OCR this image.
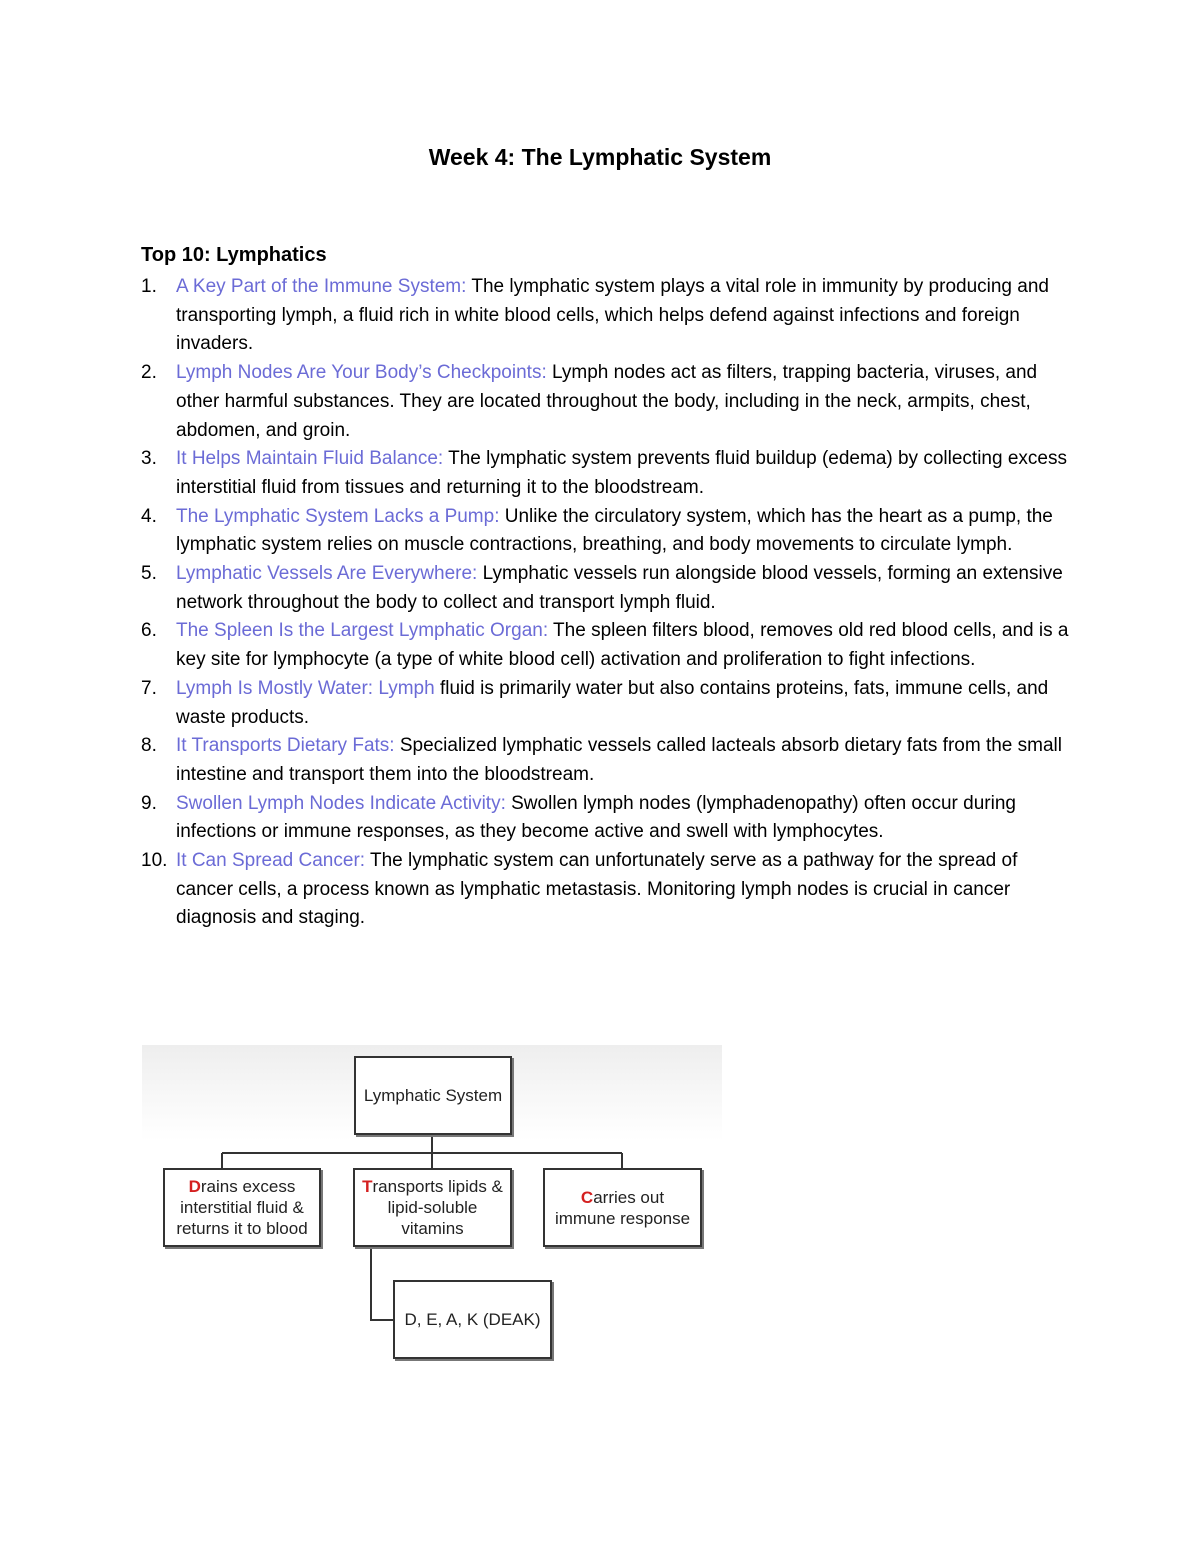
Week 4: The Lymphatic System
Top 10: Lymphatics
1. A Key Part of the Immune System: The lymphatic system plays a vital role in immunity by producing and transporting lymph, a fluid rich in white blood cells, which helps defend against infections and foreign invaders.
2. Lymph Nodes Are Your Body’s Checkpoints: Lymph nodes act as filters, trapping bacteria, viruses, and other harmful substances. They are located throughout the body, including in the neck, armpits, chest, abdomen, and groin.
3. It Helps Maintain Fluid Balance: The lymphatic system prevents fluid buildup (edema) by collecting excess interstitial fluid from tissues and returning it to the bloodstream.
4. The Lymphatic System Lacks a Pump: Unlike the circulatory system, which has the heart as a pump, the lymphatic system relies on muscle contractions, breathing, and body movements to circulate lymph.
5. Lymphatic Vessels Are Everywhere: Lymphatic vessels run alongside blood vessels, forming an extensive network throughout the body to collect and transport lymph fluid.
6. The Spleen Is the Largest Lymphatic Organ: The spleen filters blood, removes old red blood cells, and is a key site for lymphocyte (a type of white blood cell) activation and proliferation to fight infections.
7. Lymph Is Mostly Water: Lymph fluid is primarily water but also contains proteins, fats, immune cells, and waste products.
8. It Transports Dietary Fats: Specialized lymphatic vessels called lacteals absorb dietary fats from the small intestine and transport them into the bloodstream.
9. Swollen Lymph Nodes Indicate Activity: Swollen lymph nodes (lymphadenopathy) often occur during infections or immune responses, as they become active and swell with lymphocytes.
10. It Can Spread Cancer: The lymphatic system can unfortunately serve as a pathway for the spread of cancer cells, a process known as lymphatic metastasis. Monitoring lymph nodes is crucial in cancer diagnosis and staging.
Lymphatic System
Drains excess
interstitial fluid &
returns it to blood
Transports lipids &
lipid-soluble
vitamins
Carries out
immune response
D, E, A, K (DEAK)
